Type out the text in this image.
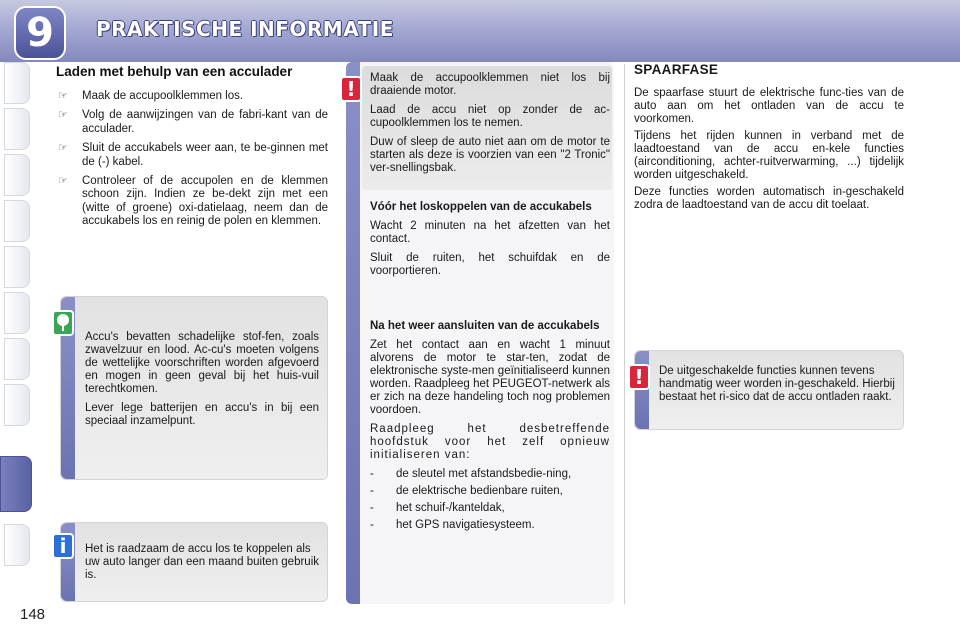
9	PRAKTISCHE INFORMATIE
148
Laden met behulp van een acculader
☞ Maak de accupoolklemmen los.
☞ Volg de aanwijzingen van de fabri-kant van de acculader.
☞ Sluit de accukabels weer aan, te be-ginnen met de (-) kabel.
☞ Controleer of de accupolen en de klemmen schoon zijn. Indien ze be-dekt zijn met een (witte of groene) oxi-datielaag, neem dan de accukabels los en reinig de polen en klemmen.

Accu's bevatten schadelijke stof-fen, zoals zwavelzuur en lood. Ac-cu's moeten volgens de wettelijke voorschriften worden afgevoerd en mogen in geen geval bij het huis-vuil terechtkomen.

Lever lege batterijen en accu's in bij een speciaal inzamelpunt.

Het is raadzaam de accu los te koppelen als uw auto langer dan een maand buiten gebruik is.
i
!	Maak de accupoolklemmen niet los bij draaiende motor.

Laad de accu niet op zonder de ac-cupoolklemmen los te nemen.

Duw of sleep de auto niet aan om de motor te starten als deze is voorzien van een "2 Tronic" ver-snellingsbak.

Vóór het loskoppelen van de accukabels

Wacht 2 minuten na het afzetten van het contact.

Sluit de ruiten, het schuifdak en de voorportieren.

Na het weer aansluiten van de accukabels

Zet het contact aan en wacht 1 minuut alvorens de motor te star-ten, zodat de elektronische syste-men geïnitialiseerd kunnen worden. Raadpleeg het PEUGEOT-netwerk als er zich na deze handeling toch nog problemen voordoen.

Raadpleeg het desbetreffende hoofdstuk voor het zelf opnieuw initialiseren van:

- de sleutel met afstandsbedie-ning,
- de elektrische bedienbare ruiten,
- het schuif-/kanteldak,
- het GPS navigatiesysteem.
SPAARFASE

De spaarfase stuurt de elektrische func-ties van de auto aan om het ontladen van de accu te voorkomen.

Tijdens het rijden kunnen in verband met de laadtoestand van de accu en-kele functies (airconditioning, achter-ruitverwarming, ...) tijdelijk worden uitgeschakeld.

Deze functies worden automatisch in-geschakeld zodra de laadtoestand van de accu dit toelaat.

De uitgeschakelde functies kunnen tevens handmatig weer worden in-geschakeld. Hierbij bestaat het ri-sico dat de accu ontladen raakt.
!
